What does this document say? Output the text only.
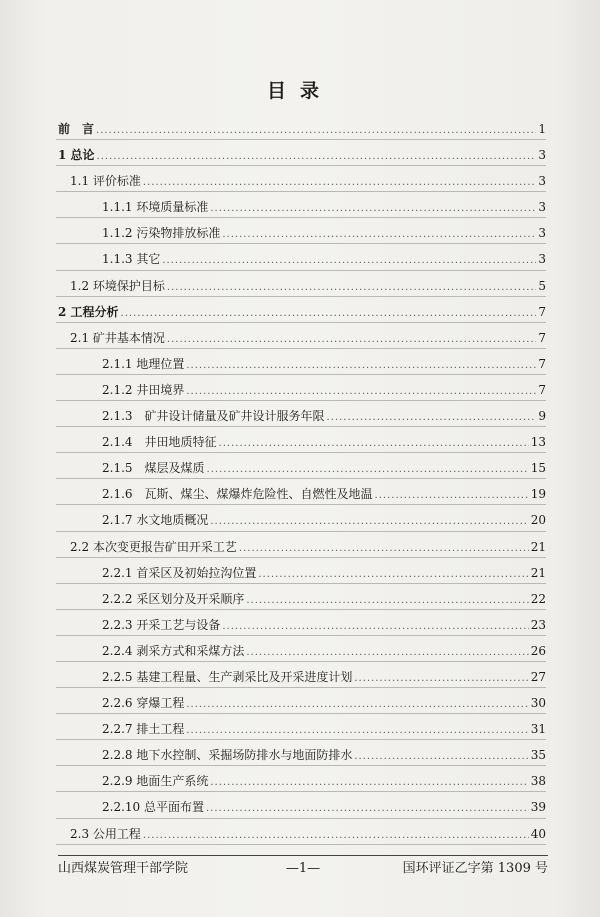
目录
前　言 .....	1
1 总论 .....	3
1.1 评价标准 .....	3
1.1.1 环境质量标准 .....	3
1.1.2 污染物排放标准 .....	3
1.1.3 其它 .....	3
1.2 环境保护目标 .....	5
2 工程分析 .....	7
2.1 矿井基本情况 .....	7
2.1.1 地理位置 .....	7
2.1.2 井田境界 .....	7
2.1.3　矿井设计储量及矿井设计服务年限 .....	9
2.1.4　井田地质特征 .....	13
2.1.5　煤层及煤质 .....	15
2.1.6　瓦斯、煤尘、煤爆炸危险性、自燃性及地温 .....	19
2.1.7 水文地质概况 .....	20
2.2 本次变更报告矿田开采工艺 .....	21
2.2.1 首采区及初始拉沟位置 .....	21
2.2.2 采区划分及开采顺序 .....	22
2.2.3 开采工艺与设备 .....	23
2.2.4 剥采方式和采煤方法 .....	26
2.2.5 基建工程量、生产剥采比及开采进度计划 .....	27
2.2.6 穿爆工程 .....	30
2.2.7 排土工程 .....	31
2.2.8 地下水控制、采掘场防排水与地面防排水 .....	35
2.2.9 地面生产系统 .....	38
2.2.10 总平面布置 .....	39
2.3 公用工程 .....	40
山西煤炭管理干部学院	—1—	国环评证乙字第 1309 号
